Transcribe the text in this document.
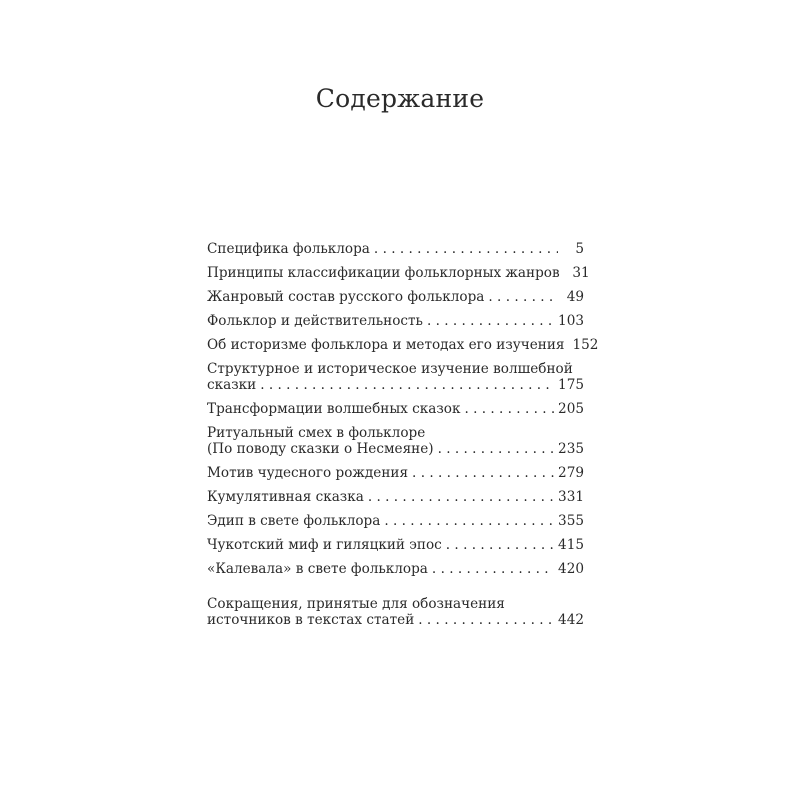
Содержание
Специфика фольклора . . .	5
Принципы классификации фольклорных жанров 31
Жанровый состав русского фольклора . . .	49
Фольклор и действительность . . .	103
Об историзме фольклора и методах его изучения 152
Структурное и историческое изучение волшебной
сказки . . .	175
Трансформации волшебных сказок . . .	205
Ритуальный смех в фольклоре
(По поводу сказки о Несмеяне) . . .	235
Мотив чудесного рождения . . .	279
Кумулятивная сказка . . .	331
Эдип в свете фольклора . . .	355
Чукотский миф и гиляцкий эпос . . .	415
«Калевала» в свете фольклора . . .	420
Сокращения, принятые для обозначения
источников в текстах статей . . .	442
